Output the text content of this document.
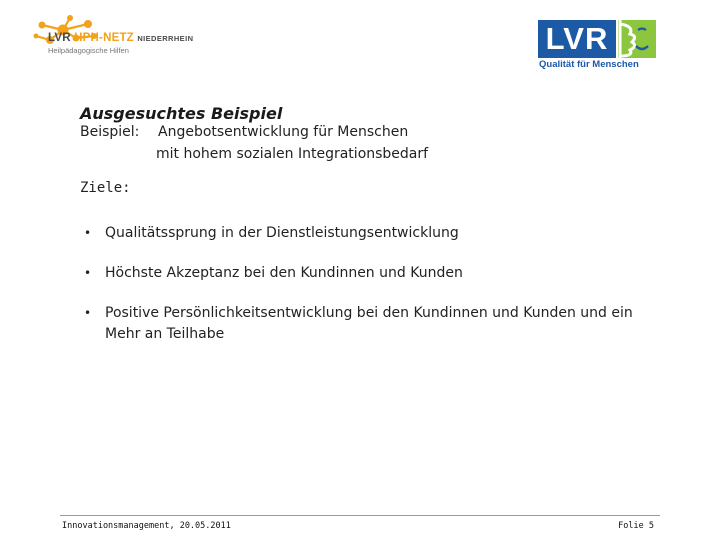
LVR HPH-NETZ NIEDERRHEIN
Heilpädagogische Hilfen	LVR
Qualität für Menschen
Ausgesuchtes Beispiel
Beispiel: Angebotsentwicklung für Menschen
mit hohem sozialen Integrationsbedarf
Ziele:
• Qualitätssprung in der Dienstleistungsentwicklung
• Höchste Akzeptanz bei den Kundinnen und Kunden
• Positive Persönlichkeitsentwicklung bei den Kundinnen und Kunden und ein Mehr an Teilhabe
Innovationsmanagement, 20.05.2011	Folie 5
